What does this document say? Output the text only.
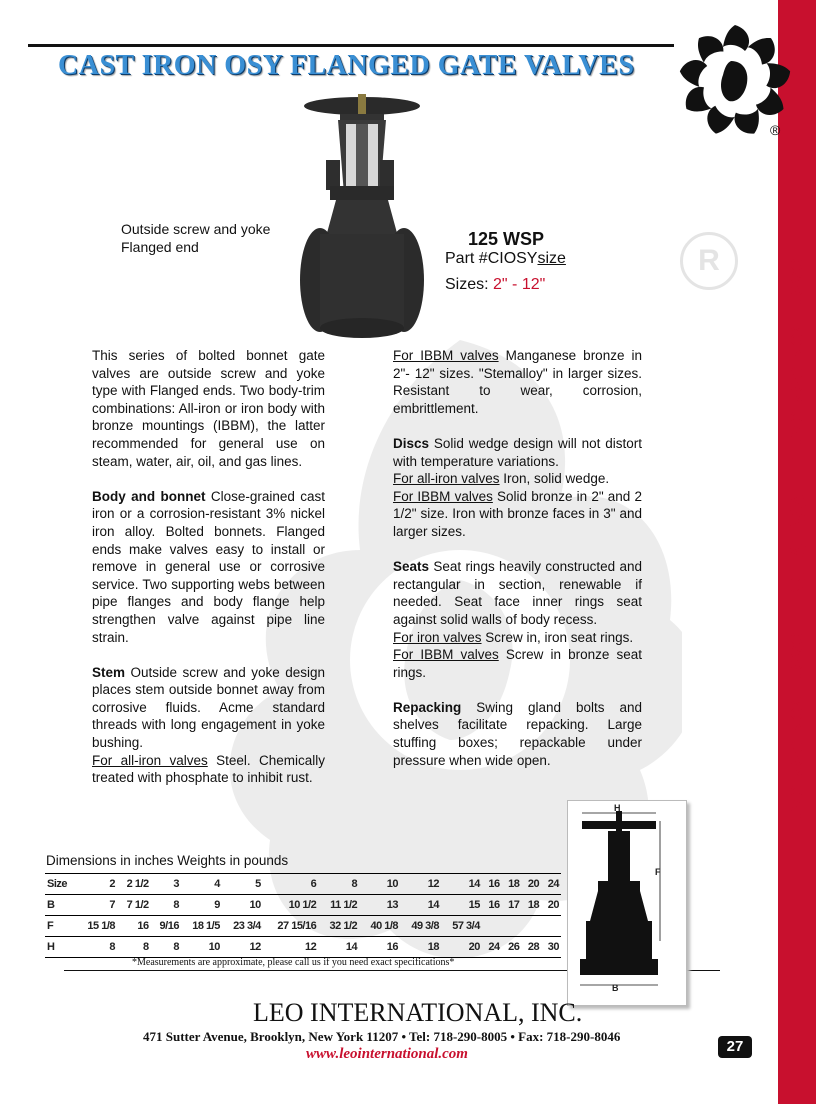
CAST IRON OSY GATE
VALVES
CAST IRON OSY GATE
R
CAST IRON OSY FLANGED GATE VALVES
®
Outside screw and yoke
Flanged end	125 WSP
Part #CIOSYsize
Sizes: 2" - 12"

This series of bolted bonnet gate valves are outside screw and yoke type with Flanged ends. Two body-trim combinations: All-iron or iron body with bronze mountings (IBBM), the latter recommended for general use on steam, water, air, oil, and gas lines.

Body and bonnet Close-grained cast iron or a corrosion-resistant 3% nickel iron alloy. Bolted bonnets. Flanged ends make valves easy to install or remove in general use or corrosive service. Two supporting webs between pipe flanges and body flange help strengthen valve against pipe line strain.

Stem Outside screw and yoke design places stem outside bonnet away from corrosive fluids. Acme standard threads with long engagement in yoke bushing.

For all-iron valves Steel. Chemically treated with phosphate to inhibit rust.

For IBBM valves Manganese bronze in 2"- 12" sizes. "Stemalloy" in larger sizes. Resistant to wear, corrosion, embrittlement.

Discs Solid wedge design will not distort with temperature variations.

For all-iron valves Iron, solid wedge.

For IBBM valves Solid bronze in 2" and 2 1/2" size. Iron with bronze faces in 3" and larger sizes.

Seats Seat rings heavily constructed and rectangular in section, renewable if needed. Seat face inner rings seat against solid walls of body recess.

For iron valves Screw in, iron seat rings.

For IBBM valves Screw in bronze seat rings.

Repacking Swing gland bolts and shelves facilitate repacking. Large stuffing boxes; repackable under pressure when wide open.

Dimensions in inches Weights in pounds
Size	2	2 1/2	3	4	5	6	8	10	12	14	16	18	20	24
B	7	7 1/2	8	9	10	10 1/2	11 1/2	13	14	15	16	17	18	20
F	15 1/8	16	9/16	18 1/5	23 3/4	27 15/16	32 1/2	40 1/8	49 3/8	57 3/4				
H	8	8	8	10	12	12	14	16	18	20	24	26	28	30
*Measurements are approximate, please call us if you need exact specifications*
H
F
B
LEO INTERNATIONAL, INC.
471 Sutter Avenue, Brooklyn, New York 11207 • Tel: 718-290-8005 • Fax: 718-290-8046
www.leointernational.com	27
